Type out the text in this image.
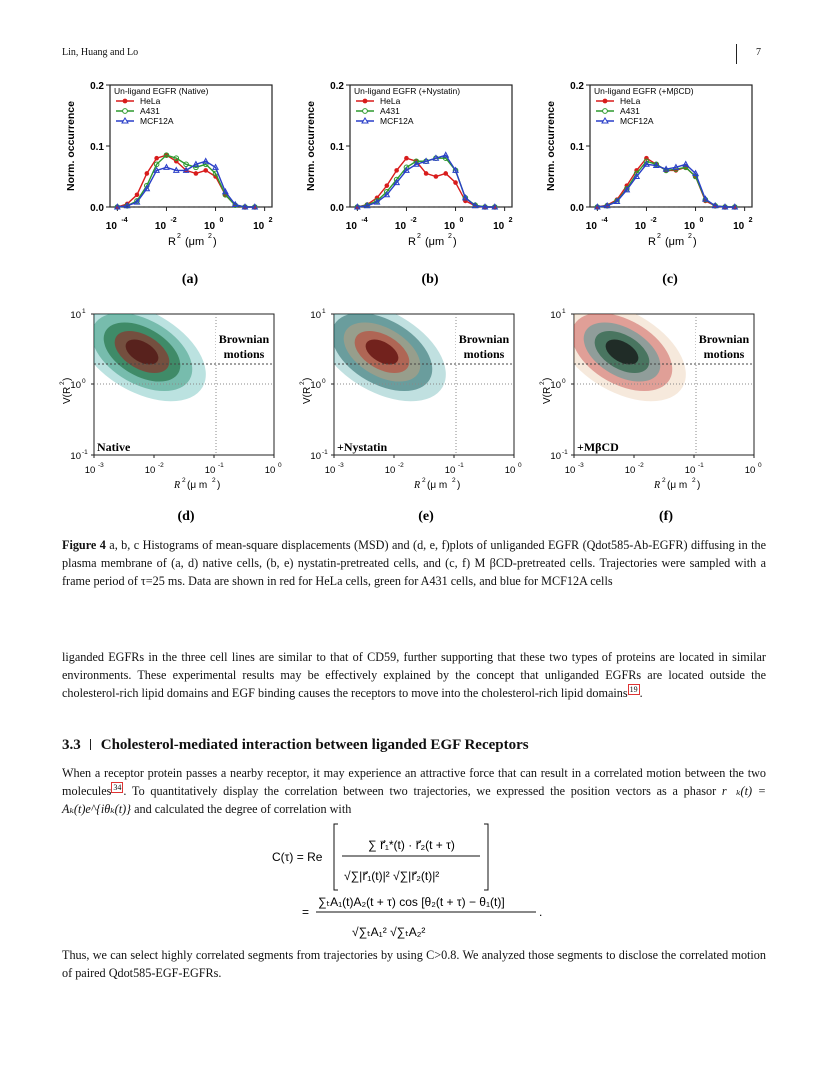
Lin, Huang and Lo	7
0.2
0.1
0.0
10
-4
10
-2
10
0
10
2
Norm. occurrence
R 2 (μm 2 )
Un-ligand EGFR (Native)
HeLa
A431
MCF12A
(a)
0.2
0.1
0.0
10
-4
10
-2
10
0
10
2
Norm. occurrence
R 2 (μm 2 )
Un-ligand EGFR (+Nystatin)
HeLa
A431
MCF12A
(b)
0.2
0.1
0.0
10
-4
10
-2
10
0
10
2
Norm. occurrence
R 2 (μm 2 )
Un-ligand EGFR (+MβCD)
HeLa
A431
MCF12A
(c)
Brownian
motions
Native
10 1
10 0
10 -1
10 -3	10 -2	10 -1	10 0
V(R
2
)
R 2 (μ m 2 )
(d)
Brownian
motions
+Nystatin
10 1
10 0
10 -1
10 -3	10 -2	10 -1	10 0
V(R
2
)
R 2 (μ m 2 )
(e)
Brownian
motions
+MβCD
10 1
10 0
10 -1
10 -3	10 -2	10 -1	10 0
V(R
2
)
R 2 (μ m 2 )
(f)
Figure 4 a, b, c Histograms of mean-square displacements (MSD) and (d, e, f)plots of unliganded EGFR (Qdot585-Ab-EGFR) diffusing in the plasma membrane of (a, d) native cells, (b, e) nystatin-pretreated cells, and (c, f) M βCD-pretreated cells. Trajectories were sampled with a frame period of τ=25 ms. Data are shown in red for HeLa cells, green for A431 cells, and blue for MCF12A cells
liganded EGFRs in the three cell lines are similar to that of CD59, further supporting that these two types of proteins are located in similar environments. These experimental results may be effectively explained by the concept that unliganded EGFRs are located outside the cholesterol-rich lipid domains and EGF binding causes the receptors to move into the cholesterol-rich lipid domains $^{19}$ .
3.3 Cholesterol-mediated interaction between liganded EGF Receptors
When a receptor protein passes a nearby receptor, it may experience an attractive force that can result in a correlated motion between the two molecules $^{34}$ . To quantitatively display the correlation between two trajectories, we expressed the position vectors as a phasor r⃗ₖ(t) = Aₖ(t)e^{iθₖ(t)} and calculated the degree of correlation with
C(τ) = Re
∑ r⃗₁*(t) · r⃗₂(t + τ)
√∑|r⃗₁(t)|² √∑|r⃗₂(t)|²
=
∑ₜA₁(t)A₂(t + τ) cos [θ₂(t + τ) − θ₁(t)]
√∑ₜA₁² √∑ₜA₂²
.
Thus, we can select highly correlated segments from trajectories by using C>0.8. We analyzed those segments to disclose the correlated motion of paired Qdot585-EGF-EGFRs.
